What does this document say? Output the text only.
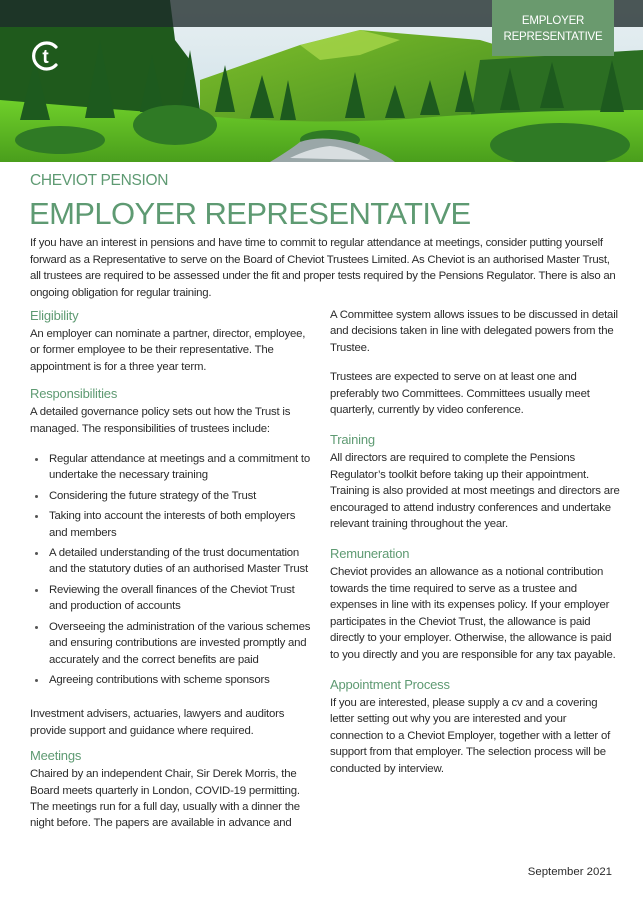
EMPLOYER
REPRESENTATIVE
t
CHEVIOT PENSION
EMPLOYER REPRESENTATIVE

If you have an interest in pensions and have time to commit to regular attendance at meetings, consider putting yourself forward as a Representative to serve on the Board of Cheviot Trustees Limited. As Cheviot is an authorised Master Trust, all trustees are required to be assessed under the fit and proper tests required by the Pensions Regulator. There is also an ongoing obligation for regular training.

Eligibility

An employer can nominate a partner, director, employee, or former employee to be their representative. The appointment is for a three year term.

Responsibilities

A detailed governance policy sets out how the Trust is managed. The responsibilities of trustees include:

Regular attendance at meetings and a commitment to undertake the necessary training
Considering the future strategy of the Trust
Taking into account the interests of both employers and members
A detailed understanding of the trust documentation and the statutory duties of an authorised Master Trust
Reviewing the overall finances of the Cheviot Trust and production of accounts
Overseeing the administration of the various schemes and ensuring contributions are invested promptly and accurately and the correct benefits are paid
Agreeing contributions with scheme sponsors

Investment advisers, actuaries, lawyers and auditors provide support and guidance where required.

Meetings

Chaired by an independent Chair, Sir Derek Morris, the Board meets quarterly in London, COVID-19 permitting. The meetings run for a full day, usually with a dinner the night before. The papers are available in advance and

A Committee system allows issues to be discussed in detail and decisions taken in line with delegated powers from the Trustee.

Trustees are expected to serve on at least one and preferably two Committees. Committees usually meet quarterly, currently by video conference.

Training

All directors are required to complete the Pensions Regulator’s toolkit before taking up their appointment. Training is also provided at most meetings and directors are encouraged to attend industry conferences and undertake relevant training throughout the year.

Remuneration

Cheviot provides an allowance as a notional contribution towards the time required to serve as a trustee and expenses in line with its expenses policy. If your employer participates in the Cheviot Trust, the allowance is paid directly to your employer. Otherwise, the allowance is paid to you directly and you are responsible for any tax payable.

Appointment Process

If you are interested, please supply a cv and a covering letter setting out why you are interested and your connection to a Cheviot Employer, together with a letter of support from that employer. The selection process will be conducted by interview.

September 2021
